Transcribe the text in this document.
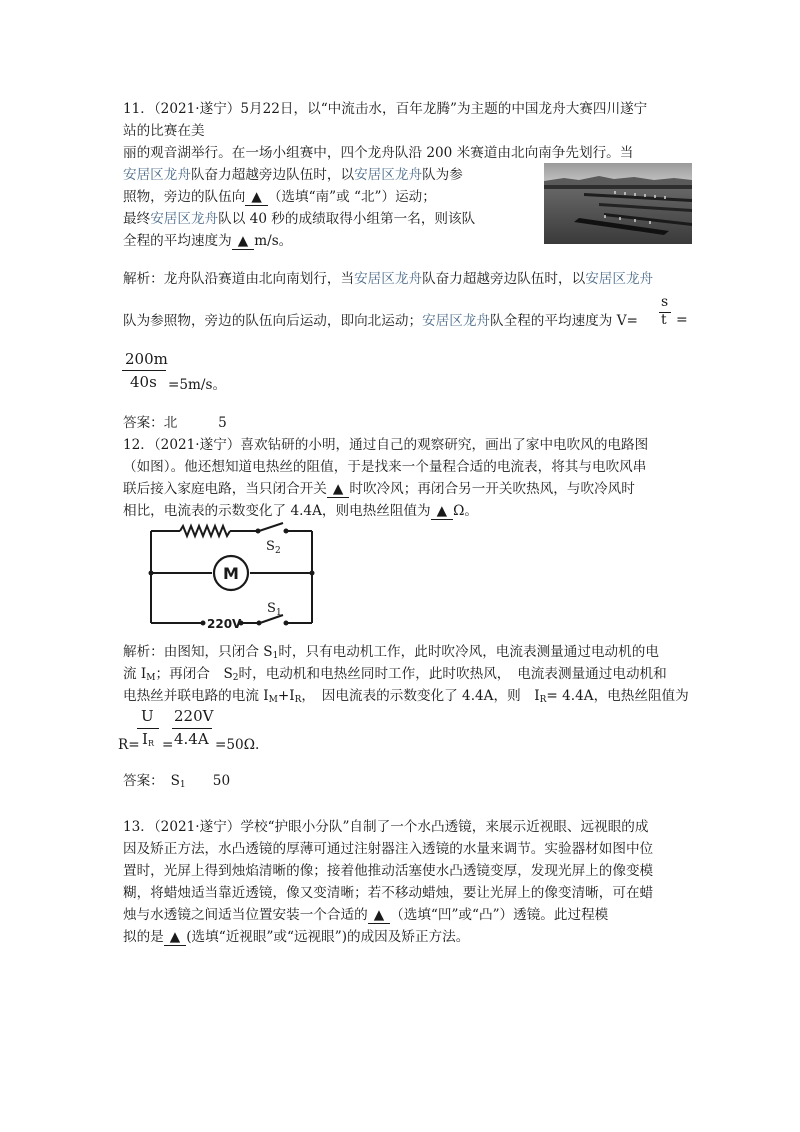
11．（2021·遂宁）5月22日，以“中流击水，百年龙腾”为主题的中国龙舟大赛四川遂宁
站的比赛在美
丽的观音湖举行。在一场小组赛中，四个龙舟队沿 200 米赛道由北向南争先划行。当
安居区龙舟队奋力超越旁边队伍时，以安居区龙舟队为参
照物，旁边的队伍向 ▲ （选填“南”或 “北”）运动；
最终安居区龙舟队以 40 秒的成绩取得小组第一名，则该队
全程的平均速度为 ▲ m/s。
解析：龙舟队沿赛道由北向南划行，当安居区龙舟队奋力超越旁边队伍时，以安居区龙舟
s
队为参照物，旁边的队伍向后运动，即向北运动；安居区龙舟队全程的平均速度为 V= t =
200m
40s =5m/s。
答案：北　　　5
12．（2021·遂宁）喜欢钻研的小明，通过自己的观察研究，画出了家中电吹风的电路图
（如图）。他还想知道电热丝的阻值，于是找来一个量程合适的电流表，将其与电吹风串
联后接入家庭电路，当只闭合开关 ▲ 时吹冷风；再闭合另一开关吹热风，与吹冷风时
相比，电流表的示数变化了 4.4A，则电热丝阻值为 ▲ Ω。
M
S 2
S 1
220V
解析：由图知，只闭合 $S_1$时，只有电动机工作，此时吹冷风，电流表测量通过电动机的电
流 $I_M$；再闭合　$S_2$时，电动机和电热丝同时工作，此时吹热风，　电流表测量通过电动机和
电热丝并联电路的电流 $I_M+I_R$，　因电流表的示数变化了 4.4A，则　$I_R= 4.4A$，电热丝阻值为
U
$I_R$
R= =
220V
4.4A =50Ω.
答案：　$S_1$　　50
13．（2021·遂宁）学校“护眼小分队”自制了一个水凸透镜，来展示近视眼、远视眼的成
因及矫正方法，水凸透镜的厚薄可通过注射器注入透镜的水量来调节。实验器材如图中位
置时，光屏上得到烛焰清晰的像；接着他推动活塞使水凸透镜变厚，发现光屏上的像变模
糊，将蜡烛适当靠近透镜，像又变清晰；若不移动蜡烛，要让光屏上的像变清晰，可在蜡
烛与水透镜之间适当位置安装一个合适的 ▲ （选填“凹”或“凸”）透镜。此过程模
拟的是 ▲ (选填“近视眼”或“远视眼”)的成因及矫正方法。
